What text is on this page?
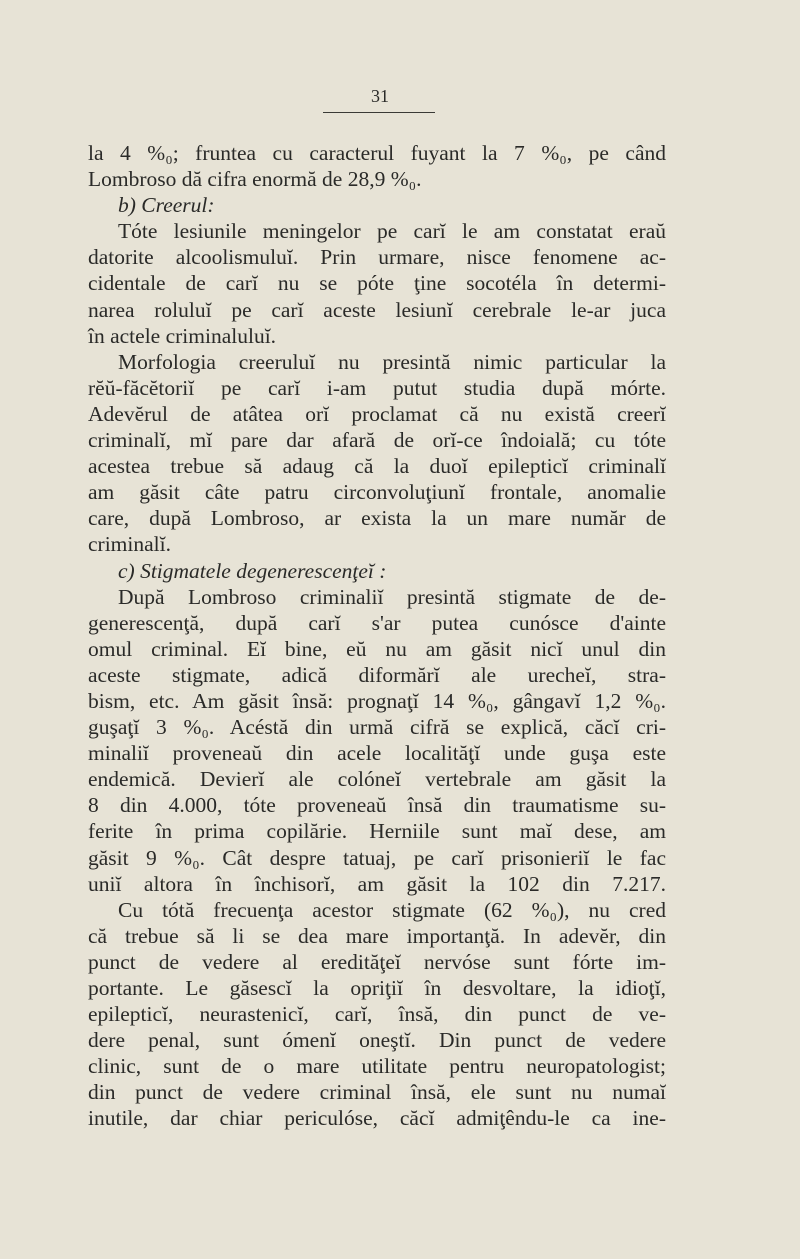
31
la 4 %₀; fruntea cu caracterul fuyant la 7 %₀, pe când
Lombroso dă cifra enormă de 28,9 %₀.
b) Creerul:
Tóte lesiunile meningelor pe carĭ le am constatat eraŭ
datorite alcoolismuluĭ. Prin urmare, nisce fenomene ac-
cidentale de carĭ nu se póte ţine socotéla în determi-
narea roluluĭ pe carĭ aceste lesiunĭ cerebrale le-ar juca
în actele criminaluluĭ.
Morfologia creeruluĭ nu presintă nimic particular la
rĕŭ-făcĕtoriĭ pe carĭ i-am putut studia după mórte.
Adevĕrul de atâtea orĭ proclamat că nu există creerĭ
criminalĭ, mĭ pare dar afară de orĭ-ce îndoială; cu tóte
acestea trebue să adaug că la duoĭ epilepticĭ criminalĭ
am găsit câte patru circonvoluţiunĭ frontale, anomalie
care, după Lombroso, ar exista la un mare număr de
criminalĭ.
c) Stigmatele degenerescenţeĭ :
După Lombroso criminaliĭ presintă stigmate de de-
generescenţă, după carĭ s'ar putea cunósce d'ainte
omul criminal. Eĭ bine, eŭ nu am găsit nicĭ unul din
aceste stigmate, adică diformărĭ ale urecheĭ, stra-
bism, etc. Am găsit însă: prognaţĭ 14 %₀, gângavĭ 1,2 %₀.
guşaţĭ 3 %₀. Acéstă din urmă cifră se explică, căcĭ cri-
minaliĭ proveneaŭ din acele localităţĭ unde guşa este
endemică. Devierĭ ale colóneĭ vertebrale am găsit la
8 din 4.000, tóte proveneaŭ însă din traumatisme su-
ferite în prima copilărie. Herniile sunt maĭ dese, am
găsit 9 %₀. Cât despre tatuaj, pe carĭ prisonieriĭ le fac
uniĭ altora în închisorĭ, am găsit la 102 din 7.217.
Cu tótă frecuenţa acestor stigmate (62 %₀), nu cred
că trebue să li se dea mare importanţă. In adevĕr, din
punct de vedere al eredităţeĭ nervóse sunt fórte im-
portante. Le găsescĭ la opriţiĭ în desvoltare, la idioţĭ,
epilepticĭ, neurastenicĭ, carĭ, însă, din punct de ve-
dere penal, sunt ómenĭ oneştĭ. Din punct de vedere
clinic, sunt de o mare utilitate pentru neuropatologist;
din punct de vedere criminal însă, ele sunt nu numaĭ
inutile, dar chiar periculóse, căcĭ admiţêndu-le ca ine-
